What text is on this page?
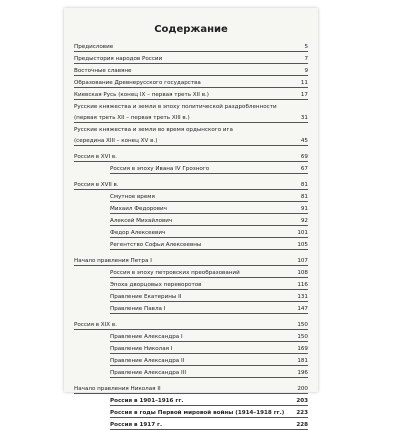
Содержание
Предисловие	5
Предыстория народов России	7
Восточные славяне	9
Образование Древнерусского государства	11
Киевская Русь (конец IX – первая треть XII в.)	17
Русские княжества и земли в эпоху политической раздробленности
(первая треть XII – первая треть XIII в.)	31
Русские княжества и земли во время ордынского ига
(середина XIII – конец XV в.)	45
Россия в XVI в.	69
Россия в эпоху Ивана IV Грозного	67
Россия в XVII в.	81
Смутное время	81
Михаил Федорович	91
Алексей Михайлович	92
Федор Алексеевич	101
Регентство Софьи Алексеевны	105
Начало правления Петра I	107
Россия в эпоху петровских преобразований	108
Эпоха дворцовых переворотов	116
Правление Екатерины II	131
Правление Павла I	147
Россия в XIX в.	150
Правление Александра I	150
Правление Николая I	169
Правление Александра II	181
Правление Александра III	196
Начало правления Николая II	200
Россия в 1901–1916 гг.	203
Россия в годы Первой мировой войны (1914–1918 гг.)	223
Россия в 1917 г.	228
